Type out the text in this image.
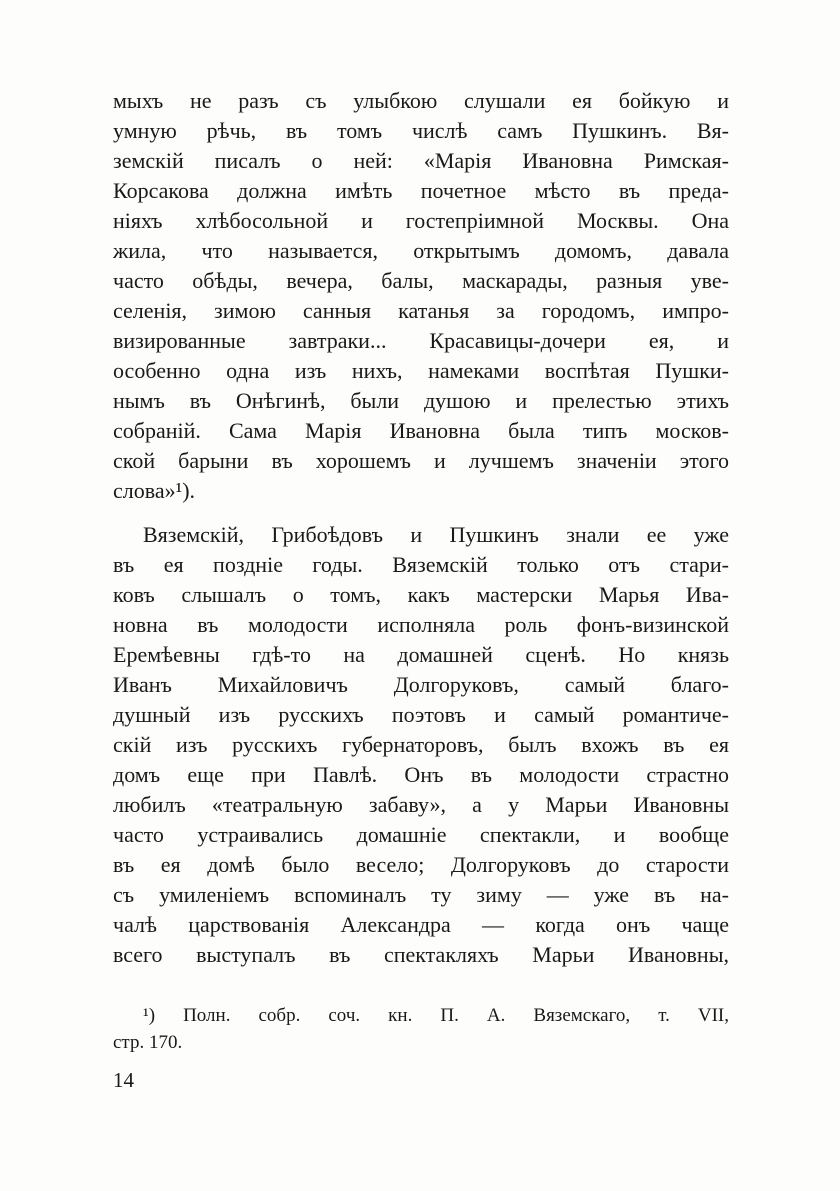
мыхъ не разъ съ улыбкою слушали ея бойкую и
умную рѣчь, въ томъ числѣ самъ Пушкинъ. Вя-
земскій писалъ о ней: «Марія Ивановна Римская-
Корсакова должна имѣть почетное мѣсто въ преда-
ніяхъ хлѣбосольной и гостепріимной Москвы. Она
жила, что называется, открытымъ домомъ, давала
часто обѣды, вечера, балы, маскарады, разныя уве-
селенія, зимою санныя катанья за городомъ, импро-
визированные завтраки... Красавицы-дочери ея, и
особенно одна изъ нихъ, намеками воспѣтая Пушки-
нымъ въ Онѣгинѣ, были душою и прелестью этихъ
собраній. Сама Марія Ивановна была типъ москов-
ской барыни въ хорошемъ и лучшемъ значеніи этого
слова»¹).
Вяземскій, Грибоѣдовъ и Пушкинъ знали ее уже
въ ея поздніе годы. Вяземскій только отъ стари-
ковъ слышалъ о томъ, какъ мастерски Марья Ива-
новна въ молодости исполняла роль фонъ-визинской
Еремѣевны гдѣ-то на домашней сценѣ. Но князь
Иванъ Михайловичъ Долгоруковъ, самый благо-
душный изъ русскихъ поэтовъ и самый романтиче-
скій изъ русскихъ губернаторовъ, былъ вхожъ въ ея
домъ еще при Павлѣ. Онъ въ молодости страстно
любилъ «театральную забаву», а у Марьи Ивановны
часто устраивались домашніе спектакли, и вообще
въ ея домѣ было весело; Долгоруковъ до старости
съ умиленіемъ вспоминалъ ту зиму — уже въ на-
чалѣ царствованія Александра — когда онъ чаще
всего выступалъ въ спектакляхъ Марьи Ивановны,
¹) Полн. собр. соч. кн. П. А. Вяземскаго, т. VII,
стр. 170.
14
